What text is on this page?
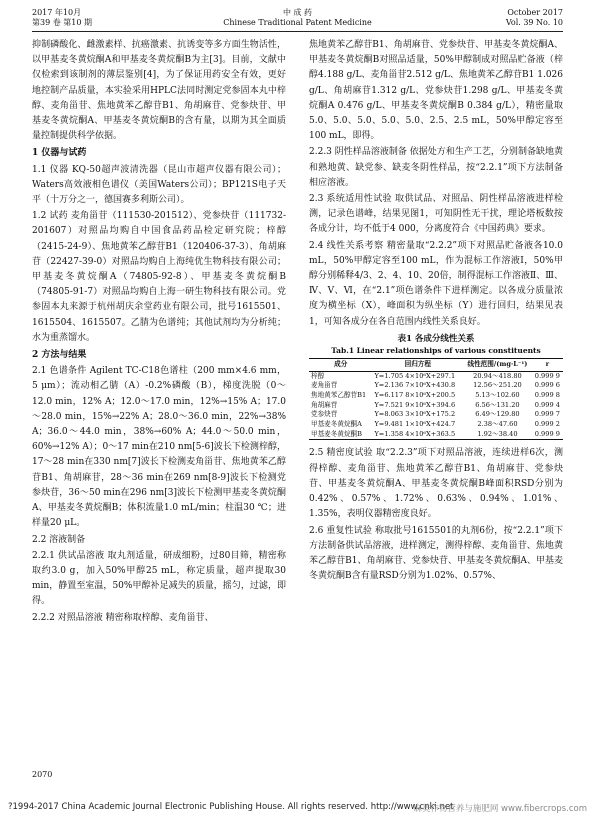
2017 年10月
第39 卷 第10 期
中 成 药
Chinese Traditional Patent Medicine
October 2017
Vol. 39 No. 10

抑制磷酸化、雌激素样、抗癌激素、抗诱变等多方面生物活性，以甲基麦冬黄烷酮A和甲基麦冬黄烷酮B为主[3]。目前，文献中仅检索到该制剂的薄层鉴别[4]，为了保证用药安全有效，更好地控制产品质量，本实验采用HPLC法同时测定党参固本丸中梓醇、麦角甾苷、焦地黄苯乙醇苷B1、角胡麻苷、党参炔苷、甲基麦冬黄烷酮A、甲基麦冬黄烷酮B的含有量，以期为其全面质量控制提供科学依据。

1 仪器与试药

1.1 仪器 KQ-50超声波清洗器（昆山市超声仪器有限公司）；Waters高效液相色谱仪（美国Waters公司）；BP121S电子天平（十万分之一，德国赛多利斯公司）。

1.2 试药 麦角甾苷（111530-201512）、党参炔苷（111732-201607）对照品均购自中国食品药品检定研究院；梓醇（2415-24-9）、焦地黄苯乙醇苷B1（120406-37-3）、角胡麻苷（22427-39-0）对照品均购自上海纯优生物科技有限公司；甲基麦冬黄烷酮A（74805-92-8）、甲基麦冬黄烷酮B（74805-91-7）对照品均购自上海一研生物科技有限公司。党参固本丸来源于杭州胡庆余堂药业有限公司，批号1615501、1615504、1615507。乙腈为色谱纯；其他试剂均为分析纯；水为重蒸馏水。

2 方法与结果

2.1 色谱条件 Agilent TC-C18色谱柱（200 mm×4.6 mm，5 μm）；流动相乙腈（A）-0.2%磷酸（B），梯度洗脱（0～12.0 min，12% A；12.0～17.0 min，12%→15% A；17.0～28.0 min，15%→22% A；28.0～36.0 min，22%→38% A；36.0～44.0 min，38%→60% A；44.0～50.0 min，60%→12% A）；0～17 min在210 nm[5-6]波长下检测梓醇，17～28 min在330 nm[7]波长下检测麦角甾苷、焦地黄苯乙醇苷B1、角胡麻苷，28～36 min在269 nm[8-9]波长下检测党参炔苷，36～50 min在296 nm[3]波长下检测甲基麦冬黄烷酮A、甲基麦冬黄烷酮B；体积流量1.0 mL/min；柱温30 ℃；进样量20 μL。

2.2 溶液制备

2.2.1 供试品溶液 取丸剂适量，研成细粉，过80目筛，精密称取约3.0 g，加入50%甲醇25 mL，称定质量，超声提取30 min，静置至室温，50%甲醇补足减失的质量，摇匀，过滤，即得。

2.2.2 对照品溶液 精密称取梓醇、麦角甾苷、

焦地黄苯乙醇苷B1、角胡麻苷、党参炔苷、甲基麦冬黄烷酮A、甲基麦冬黄烷酮B对照品适量，50%甲醇制成对照品贮备液（梓醇4.188 g/L、麦角甾苷2.512 g/L、焦地黄苯乙醇苷B1 1.026 g/L、角胡麻苷1.312 g/L、党参炔苷1.298 g/L、甲基麦冬黄烷酮A 0.476 g/L、甲基麦冬黄烷酮B 0.384 g/L），精密量取5.0、5.0、5.0、5.0、5.0、2.5、2.5 mL，50%甲醇定容至100 mL，即得。

2.2.3 阴性样品溶液制备 依据处方和生产工艺，分别制备缺地黄和熟地黄、缺党参、缺麦冬阴性样品，按“2.2.1”项下方法制备相应溶液。

2.3 系统适用性试验 取供试品、对照品、阴性样品溶液进样检测，记录色谱峰，结果见图1，可知阴性无干扰，理论塔板数按各成分计，均不低于4 000，分离度符合《中国药典》要求。

2.4 线性关系考察 精密量取“2.2.2”项下对照品贮备液各10.0 mL，50%甲醇定容至100 mL，作为混标工作溶液Ⅰ，50%甲醇分别稀释4/3、2、4、10、20倍，制得混标工作溶液Ⅱ、Ⅲ、Ⅳ、Ⅴ、Ⅵ，在“2.1”项色谱条件下进样测定。以各成分质量浓度为横坐标（X），峰面积为纵坐标（Y）进行回归，结果见表1，可知各成分在各自范围内线性关系良好。

表1 各成分线性关系

Tab.1 Linear relationships of various constituents

成分	回归方程	线性范围/(mg·L⁻¹)	r
梓醇	Y=1.705 4×10⁶X+297.1	20.94～418.80	0.999 9
麦角甾苷	Y=2.136 7×10⁶X+430.8	12.56～251.20	0.999 6
焦地黄苯乙醇苷B1	Y=6.117 8×10⁶X+200.5	5.13～102.60	0.999 8
角胡麻苷	Y=7.521 9×10⁶X+394.6	6.56～131.20	0.999 4
党参炔苷	Y=8.063 3×10⁶X+175.2	6.49～129.80	0.999 7
甲基麦冬黄烷酮A	Y=9.481 1×10⁶X+424.7	2.38～47.60	0.999 2
甲基麦冬黄烷酮B	Y=1.358 4×10⁶X+363.5	1.92～38.40	0.999 9

2.5 精密度试验 取“2.2.3”项下对照品溶液，连续进样6次，测得梓醇、麦角甾苷、焦地黄苯乙醇苷B1、角胡麻苷、党参炔苷、甲基麦冬黄烷酮A、甲基麦冬黄烷酮B峰面积RSD分别为0.42%、0.57%、1.72%、0.63%、0.94%、1.01%、1.35%，表明仪器精密度良好。

2.6 重复性试验 称取批号1615501的丸剂6份，按“2.2.1”项下方法制备供试品溶液，进样测定，测得梓醇、麦角甾苷、焦地黄苯乙醇苷B1、角胡麻苷、党参炔苷、甲基麦冬黄烷酮A、甲基麦冬黄烷酮B含有量RSD分别为1.02%、0.57%、

2070
?1994-2017 China Academic Journal Electronic Publishing House. All rights reserved. http://www.cnki.net
麻美作物营养与施肥网 www.fibercrops.com
